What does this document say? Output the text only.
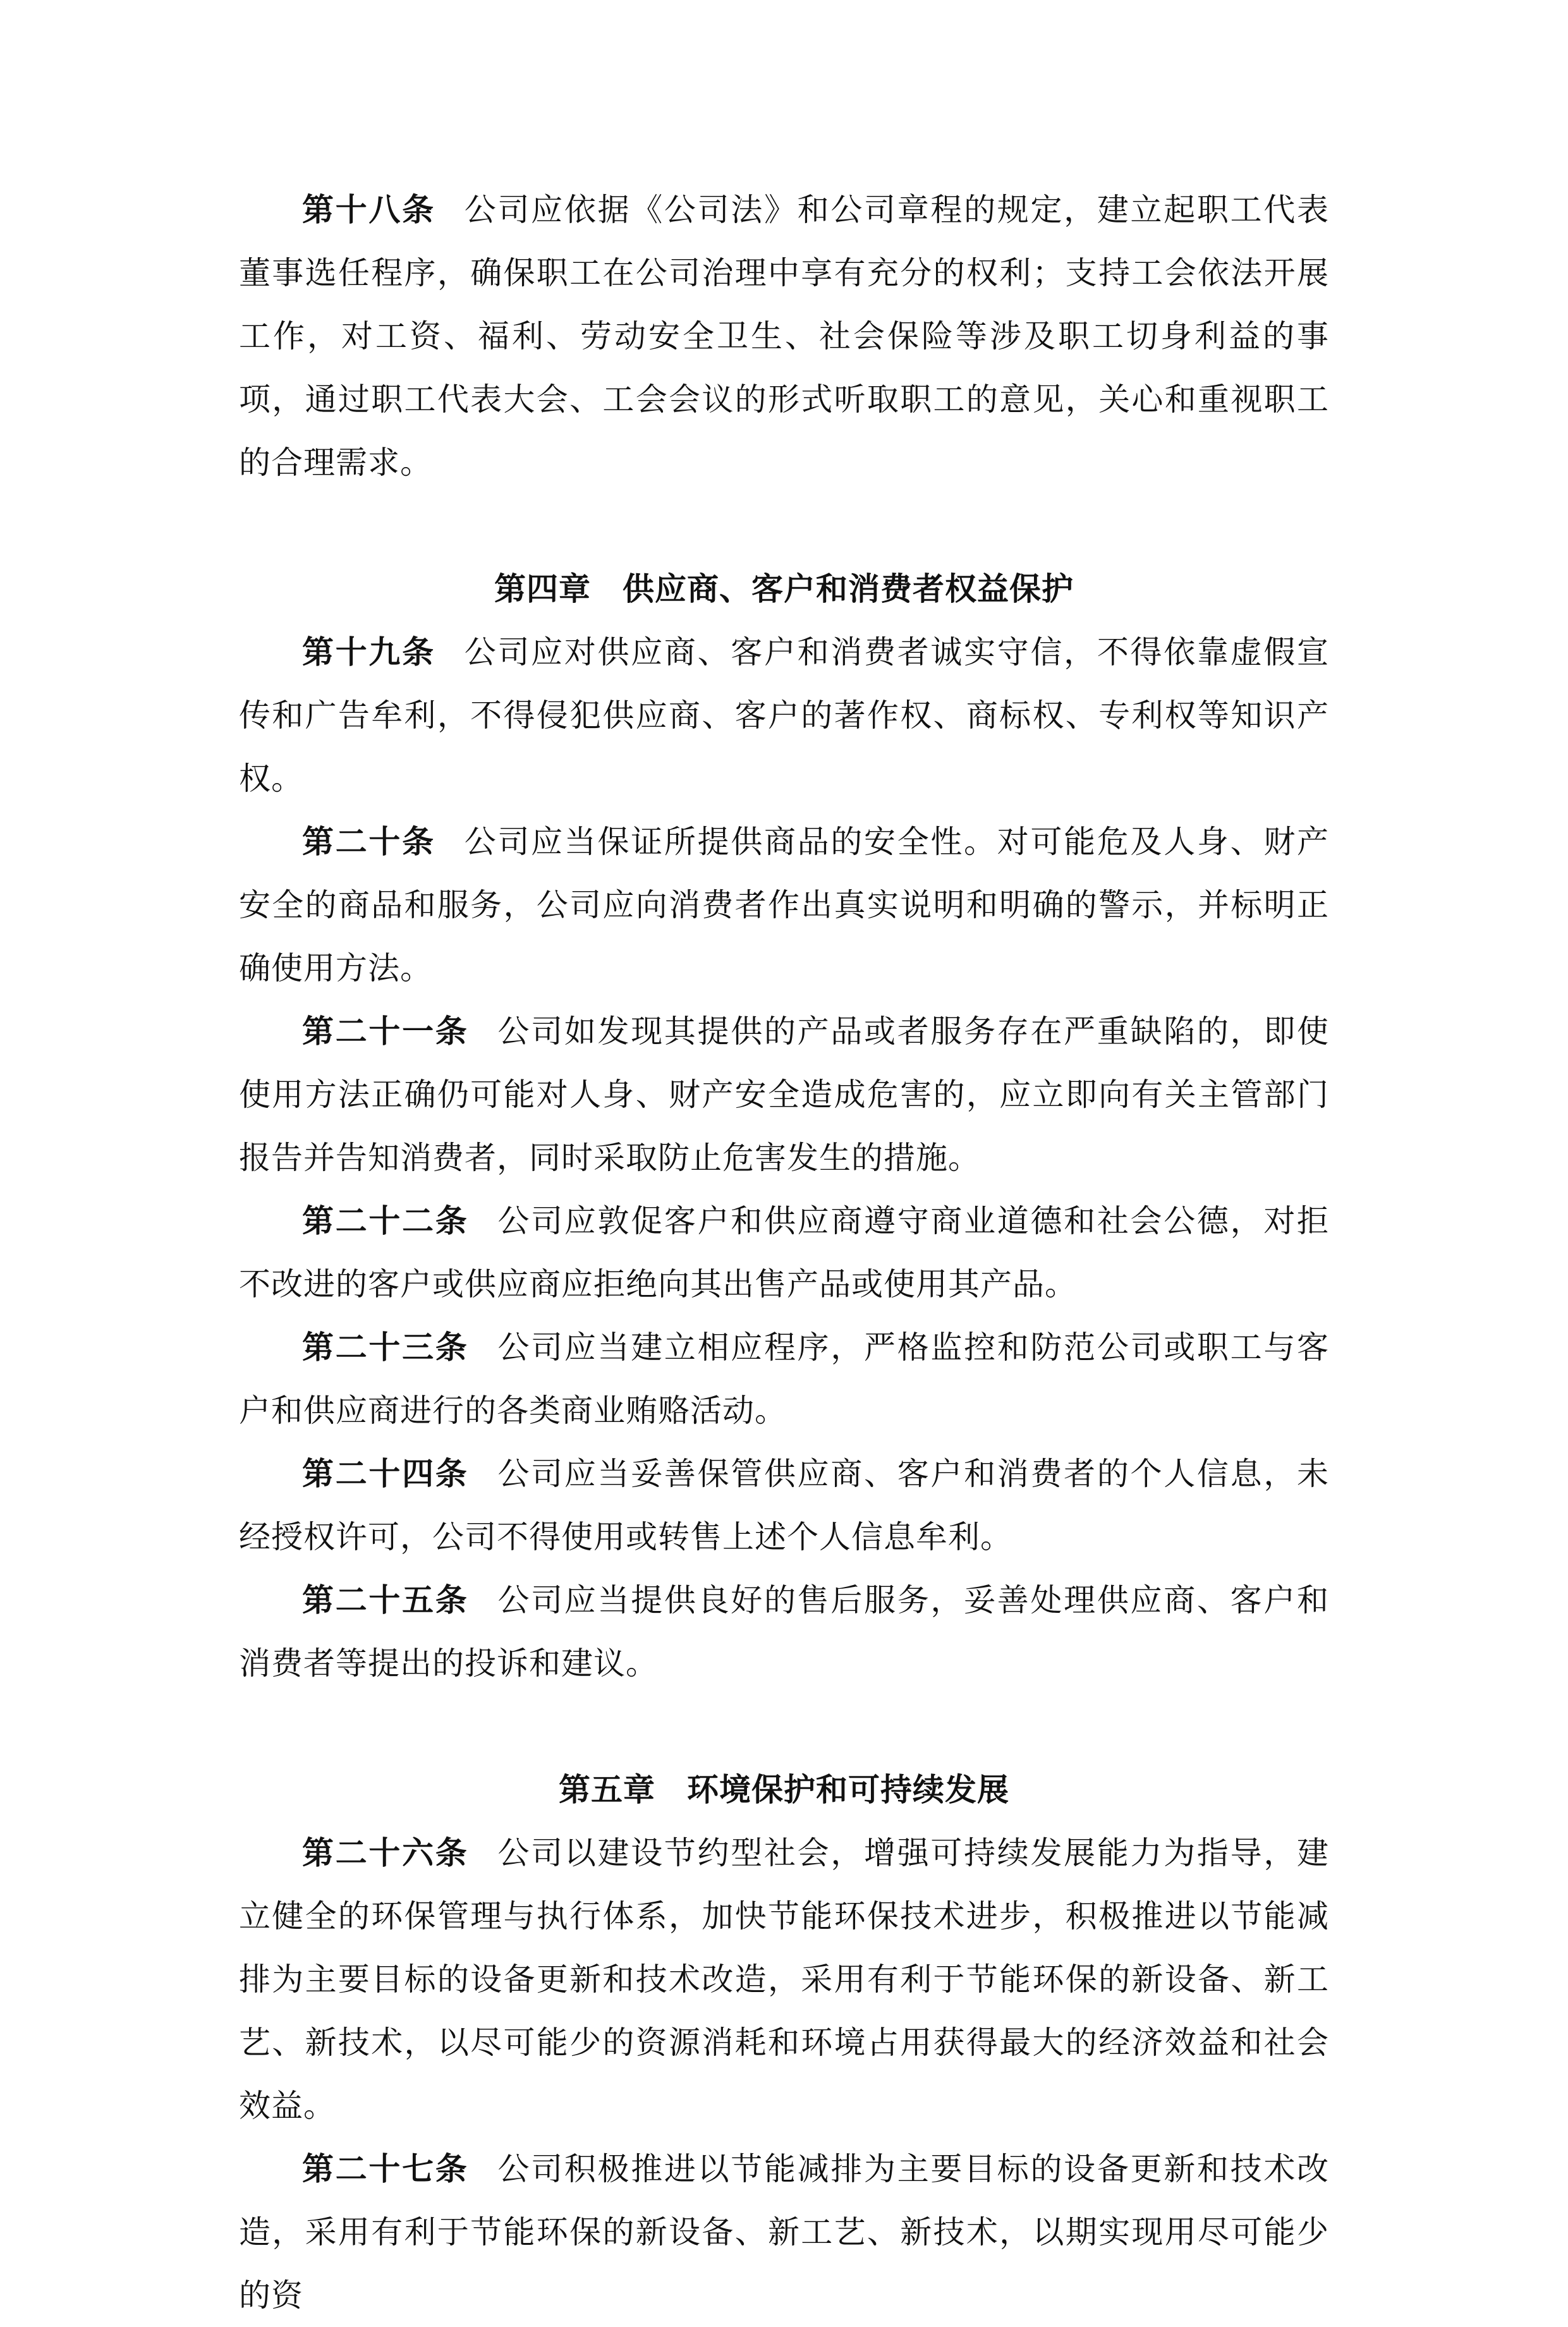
第十八条 公司应依据《公司法》和公司章程的规定，建立起职工代表董事选任程序，确保职工在公司治理中享有充分的权利；支持工会依法开展工作，对工资、福利、劳动安全卫生、社会保险等涉及职工切身利益的事项，通过职工代表大会、工会会议的形式听取职工的意见，关心和重视职工的合理需求。

第四章 供应商、客户和消费者权益保护

第十九条 公司应对供应商、客户和消费者诚实守信，不得依靠虚假宣传和广告牟利，不得侵犯供应商、客户的著作权、商标权、专利权等知识产权。

第二十条 公司应当保证所提供商品的安全性。对可能危及人身、财产安全的商品和服务，公司应向消费者作出真实说明和明确的警示，并标明正确使用方法。

第二十一条 公司如发现其提供的产品或者服务存在严重缺陷的，即使使用方法正确仍可能对人身、财产安全造成危害的，应立即向有关主管部门报告并告知消费者，同时采取防止危害发生的措施。

第二十二条 公司应敦促客户和供应商遵守商业道德和社会公德，对拒不改进的客户或供应商应拒绝向其出售产品或使用其产品。

第二十三条 公司应当建立相应程序，严格监控和防范公司或职工与客户和供应商进行的各类商业贿赂活动。

第二十四条 公司应当妥善保管供应商、客户和消费者的个人信息，未经授权许可，公司不得使用或转售上述个人信息牟利。

第二十五条 公司应当提供良好的售后服务，妥善处理供应商、客户和消费者等提出的投诉和建议。

第五章 环境保护和可持续发展

第二十六条 公司以建设节约型社会，增强可持续发展能力为指导，建立健全的环保管理与执行体系，加快节能环保技术进步，积极推进以节能减排为主要目标的设备更新和技术改造，采用有利于节能环保的新设备、新工艺、新技术，以尽可能少的资源消耗和环境占用获得最大的经济效益和社会效益。

第二十七条 公司积极推进以节能减排为主要目标的设备更新和技术改造，采用有利于节能环保的新设备、新工艺、新技术，以期实现用尽可能少的资
